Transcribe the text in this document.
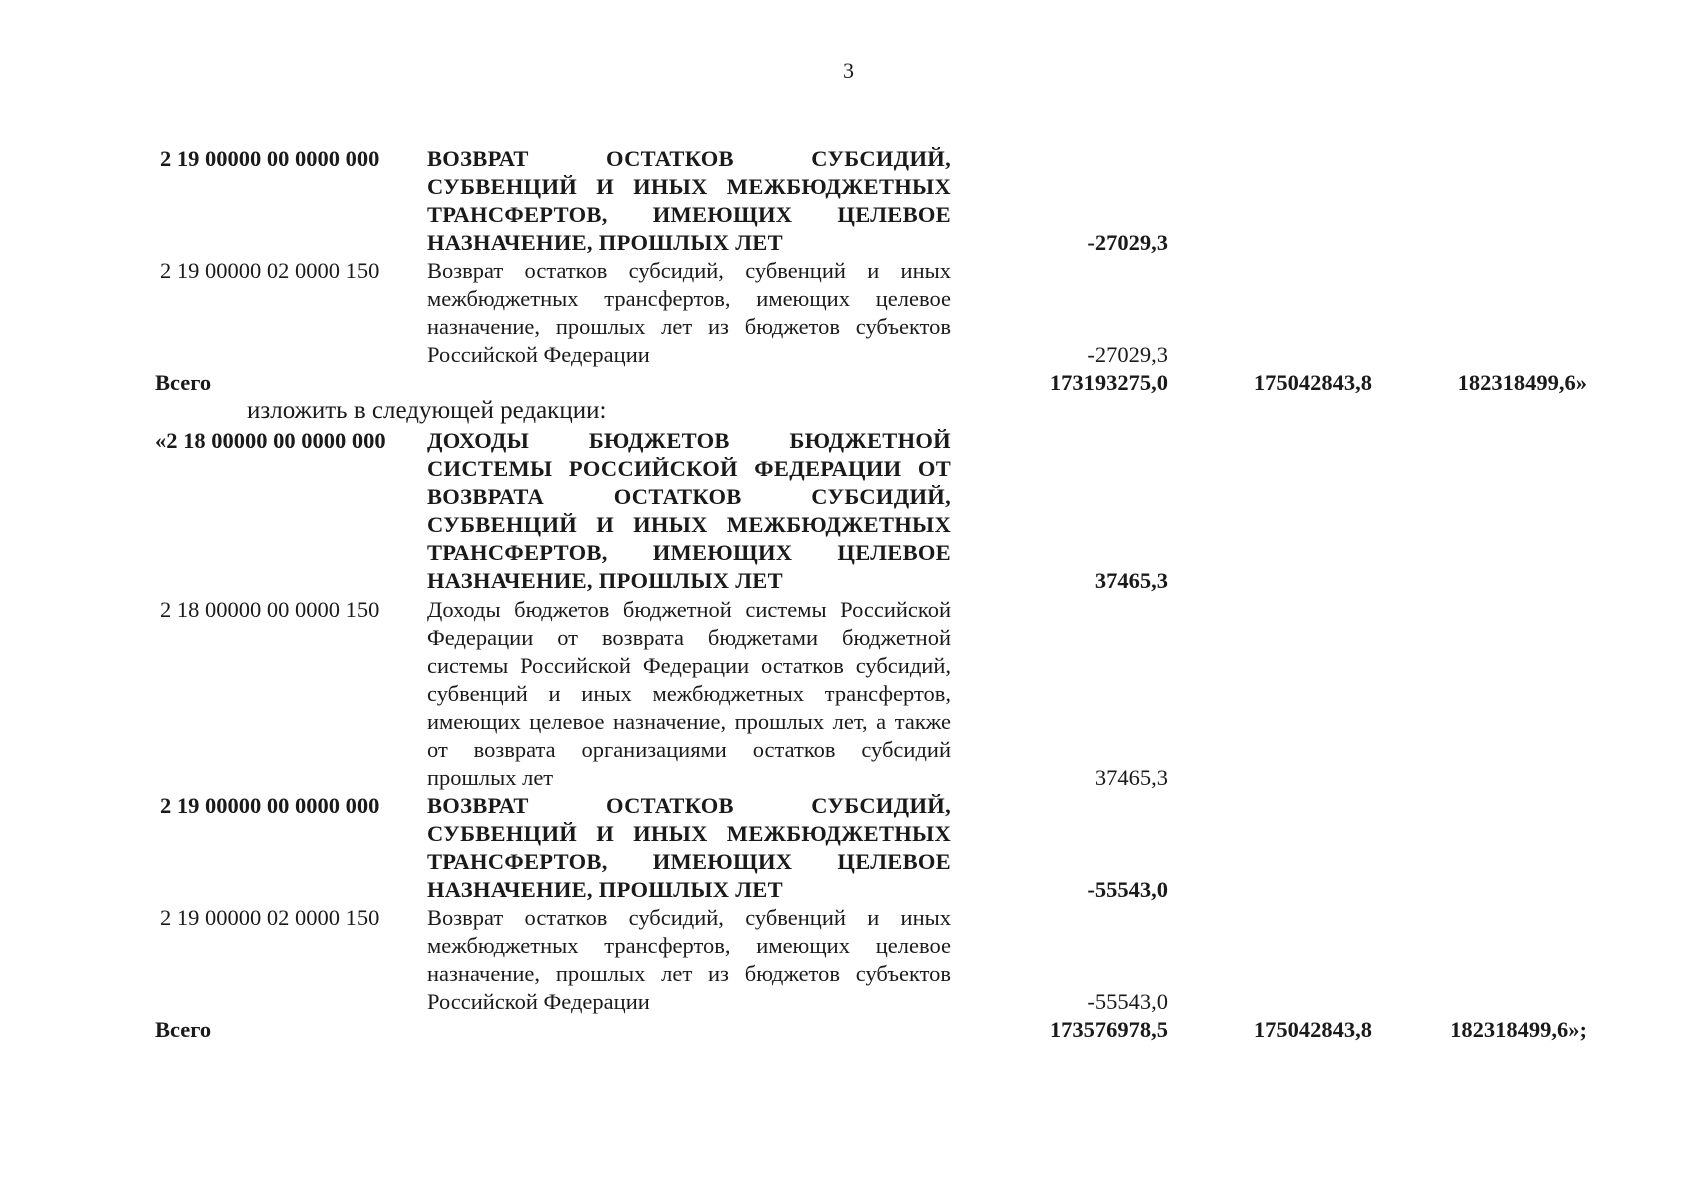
3
2 19 00000 00 0000 000	ВОЗВРАТ ОСТАТКОВ СУБСИДИЙ, СУБВЕНЦИЙ И ИНЫХ МЕЖБЮДЖЕТНЫХ ТРАНСФЕРТОВ, ИМЕЮЩИХ ЦЕЛЕВОЕ НАЗНАЧЕНИЕ, ПРОШЛЫХ ЛЕТ	-27029,3
2 19 00000 02 0000 150	Возврат остатков субсидий, субвенций и иных межбюджетных трансфертов, имеющих целевое назначение, прошлых лет из бюджетов субъектов Российской Федерации	-27029,3
Всего	173193275,0	175042843,8	182318499,6»
изложить в следующей редакции:
«2 18 00000 00 0000 000	ДОХОДЫ БЮДЖЕТОВ БЮДЖЕТНОЙ СИСТЕМЫ РОССИЙСКОЙ ФЕДЕРАЦИИ ОТ ВОЗВРАТА ОСТАТКОВ СУБСИДИЙ, СУБВЕНЦИЙ И ИНЫХ МЕЖБЮДЖЕТНЫХ ТРАНСФЕРТОВ, ИМЕЮЩИХ ЦЕЛЕВОЕ НАЗНАЧЕНИЕ, ПРОШЛЫХ ЛЕТ	37465,3
2 18 00000 00 0000 150	Доходы бюджетов бюджетной системы Российской Федерации от возврата бюджетами бюджетной системы Российской Федерации остатков субсидий, субвенций и иных межбюджетных трансфертов, имеющих целевое назначение, прошлых лет, а также от возврата организациями остатков субсидий прошлых лет	37465,3
2 19 00000 00 0000 000	ВОЗВРАТ ОСТАТКОВ СУБСИДИЙ, СУБВЕНЦИЙ И ИНЫХ МЕЖБЮДЖЕТНЫХ ТРАНСФЕРТОВ, ИМЕЮЩИХ ЦЕЛЕВОЕ НАЗНАЧЕНИЕ, ПРОШЛЫХ ЛЕТ	-55543,0
2 19 00000 02 0000 150	Возврат остатков субсидий, субвенций и иных межбюджетных трансфертов, имеющих целевое назначение, прошлых лет из бюджетов субъектов Российской Федерации	-55543,0
Всего	173576978,5	175042843,8	182318499,6»;
